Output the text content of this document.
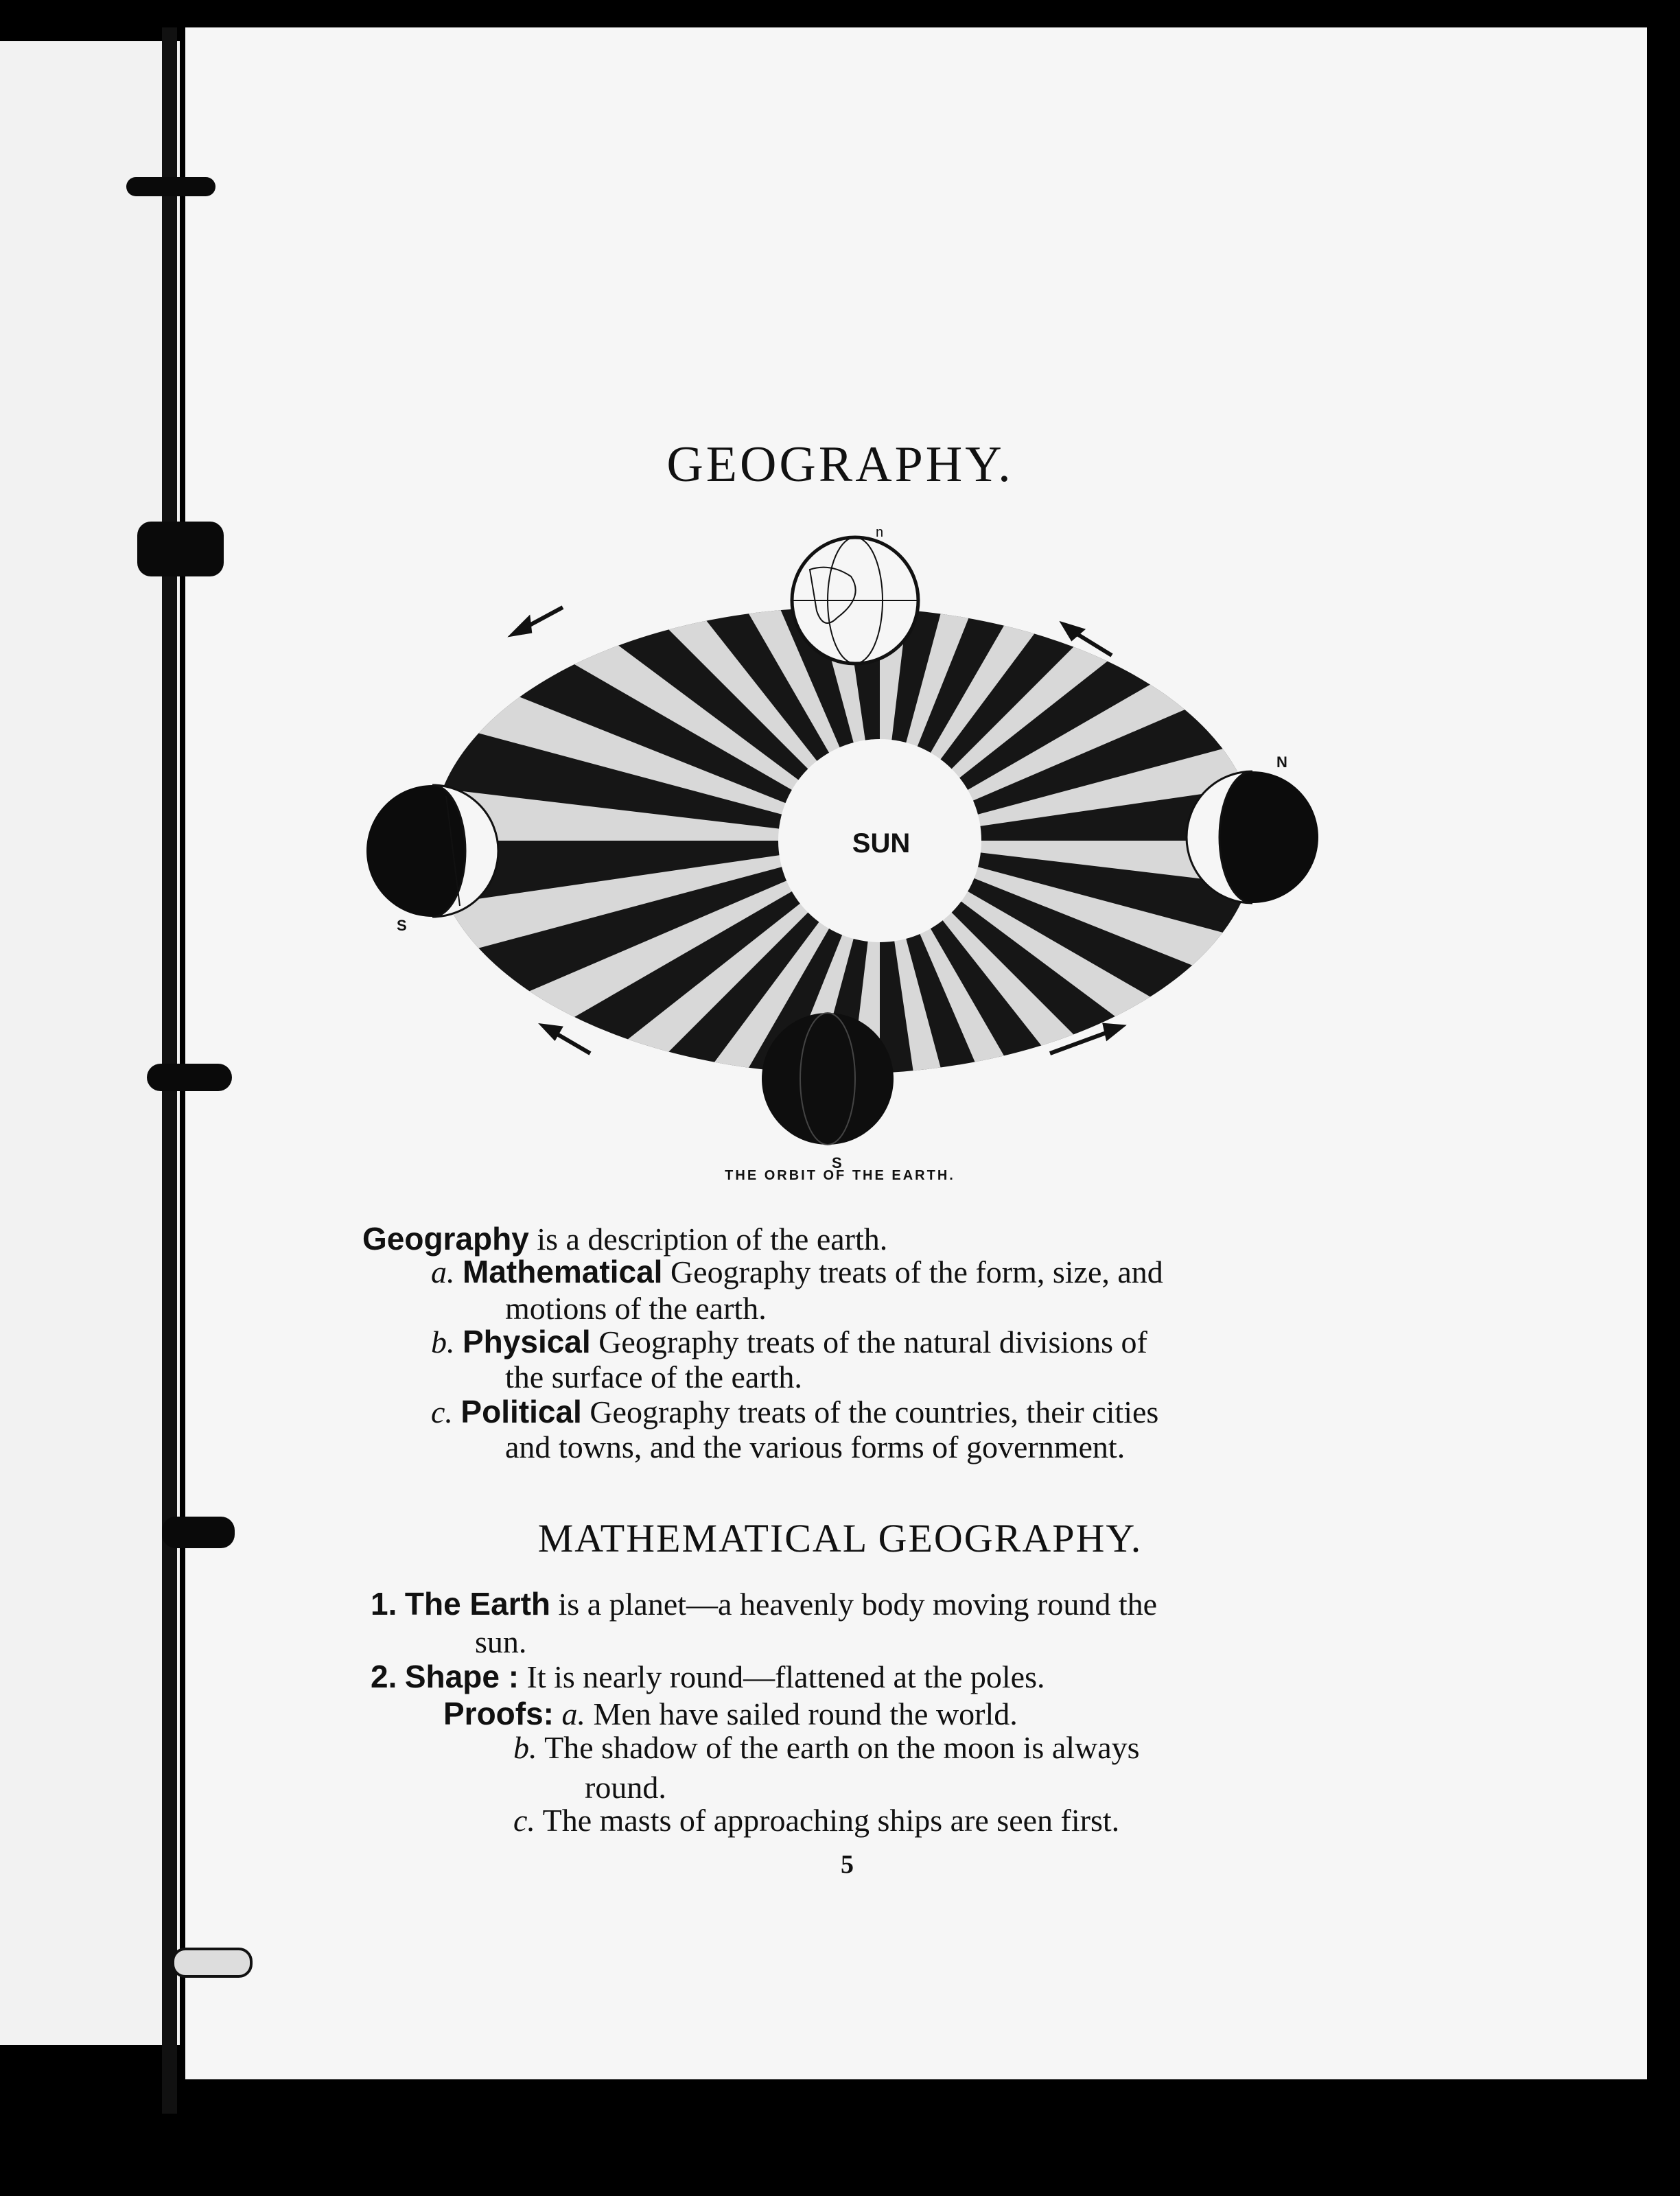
GEOGRAPHY.
SUN
n
N
S
S
THE ORBIT OF THE EARTH.
Geography is a description of the earth.
a. Mathematical Geography treats of the form, size, and
motions of the earth.
b. Physical Geography treats of the natural divisions of
the surface of the earth.
c. Political Geography treats of the countries, their cities
and towns, and the various forms of government.
MATHEMATICAL GEOGRAPHY.
1. The Earth is a planet—a heavenly body moving round the
sun.
2. Shape : It is nearly round—flattened at the poles.
Proofs: a. Men have sailed round the world.
b. The shadow of the earth on the moon is always
round.
c. The masts of approaching ships are seen first.
5
